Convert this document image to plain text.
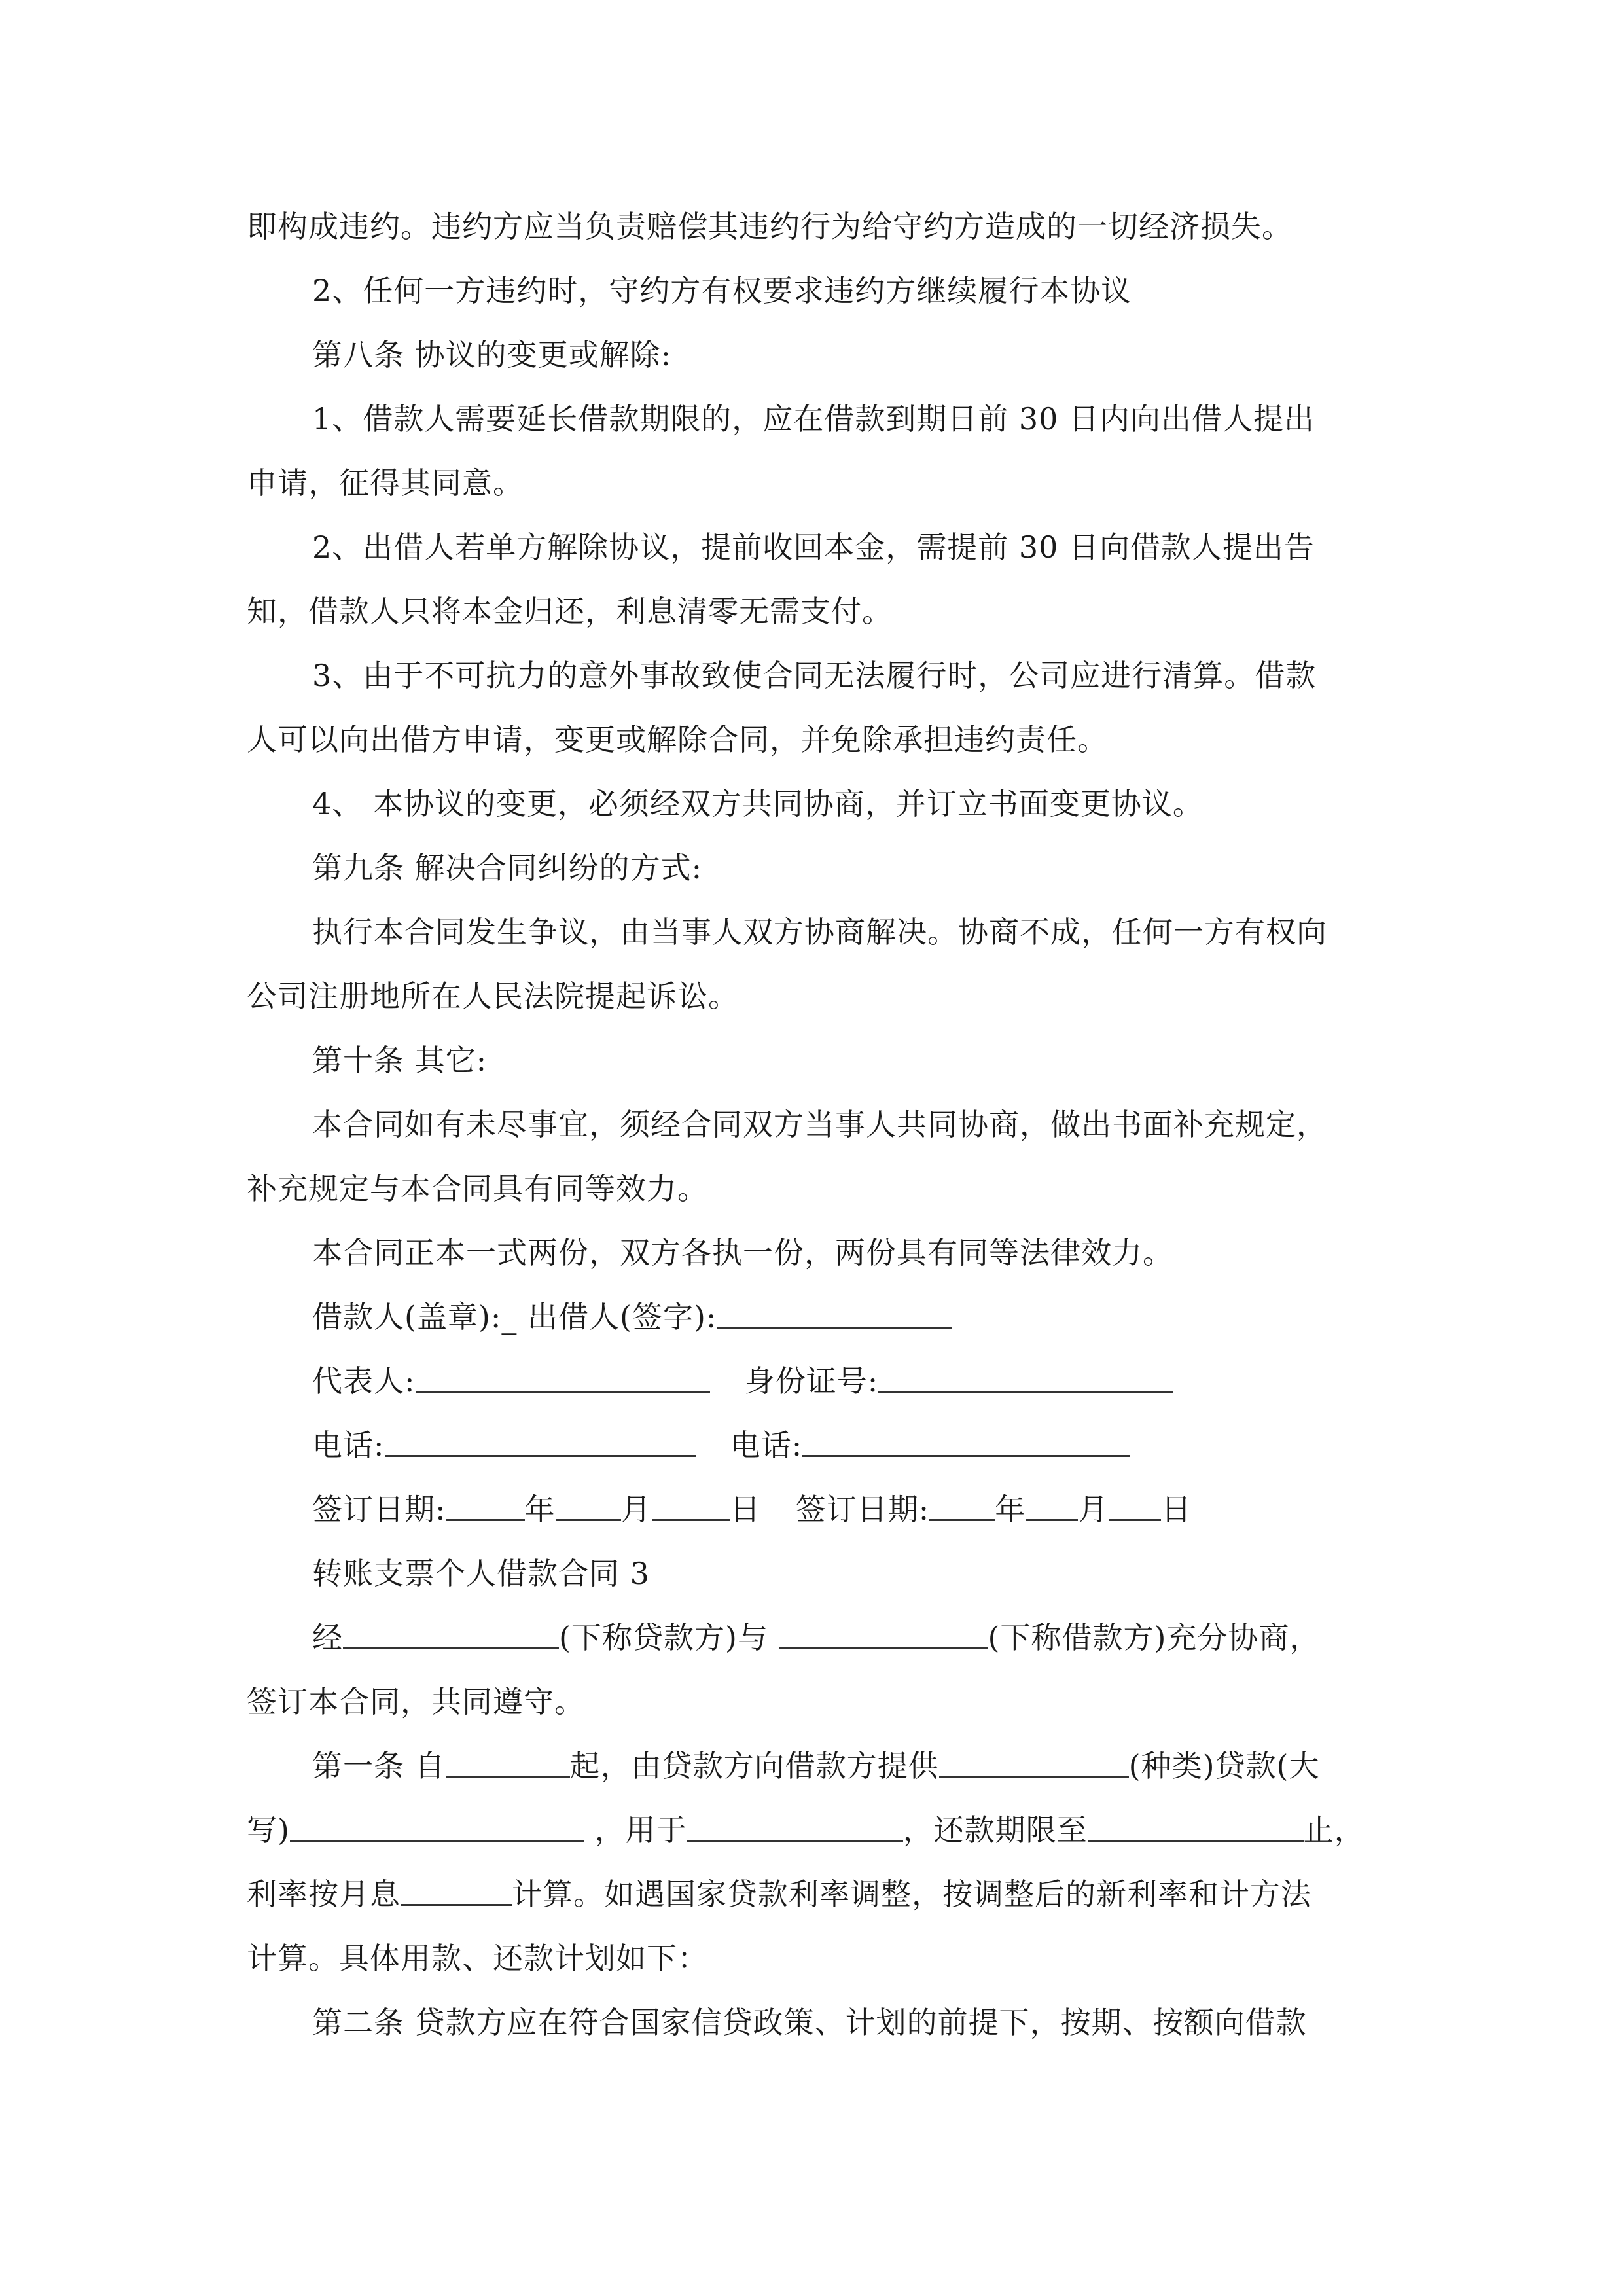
即构成违约。违约方应当负责赔偿其违约行为给守约方造成的一切经济损失。
2、任何一方违约时，守约方有权要求违约方继续履行本协议
第八条 协议的变更或解除:
1、借款人需要延长借款期限的，应在借款到期日前 30 日内向出借人提出
申请，征得其同意。
2、出借人若单方解除协议，提前收回本金，需提前 30 日向借款人提出告
知，借款人只将本金归还，利息清零无需支付。
3、由于不可抗力的意外事故致使合同无法履行时，公司应进行清算。借款
人可以向出借方申请，变更或解除合同，并免除承担违约责任。
4、 本协议的变更，必须经双方共同协商，并订立书面变更协议。
第九条 解决合同纠纷的方式:
执行本合同发生争议，由当事人双方协商解决。协商不成，任何一方有权向
公司注册地所在人民法院提起诉讼。
第十条 其它:
本合同如有未尽事宜，须经合同双方当事人共同协商，做出书面补充规定，
补充规定与本合同具有同等效力。
本合同正本一式两份，双方各执一份，两份具有同等法律效力。
借款人(盖章):_ 出借人(签字):
代表人:	身份证号:
电话:	电话:
签订日期:	年 月	日 签订日期: 年 月 日
转账支票个人借款合同 3
经	(下称贷款方)与	(下称借款方)充分协商，
签订本合同，共同遵守。
第一条 自	起，由贷款方向借款方提供	(种类)贷款(大
写)	，用于	，还款期限至	止，
利率按月息	计算。如遇国家贷款利率调整，按调整后的新利率和计方法
计算。具体用款、还款计划如下：
第二条 贷款方应在符合国家信贷政策、计划的前提下，按期、按额向借款
